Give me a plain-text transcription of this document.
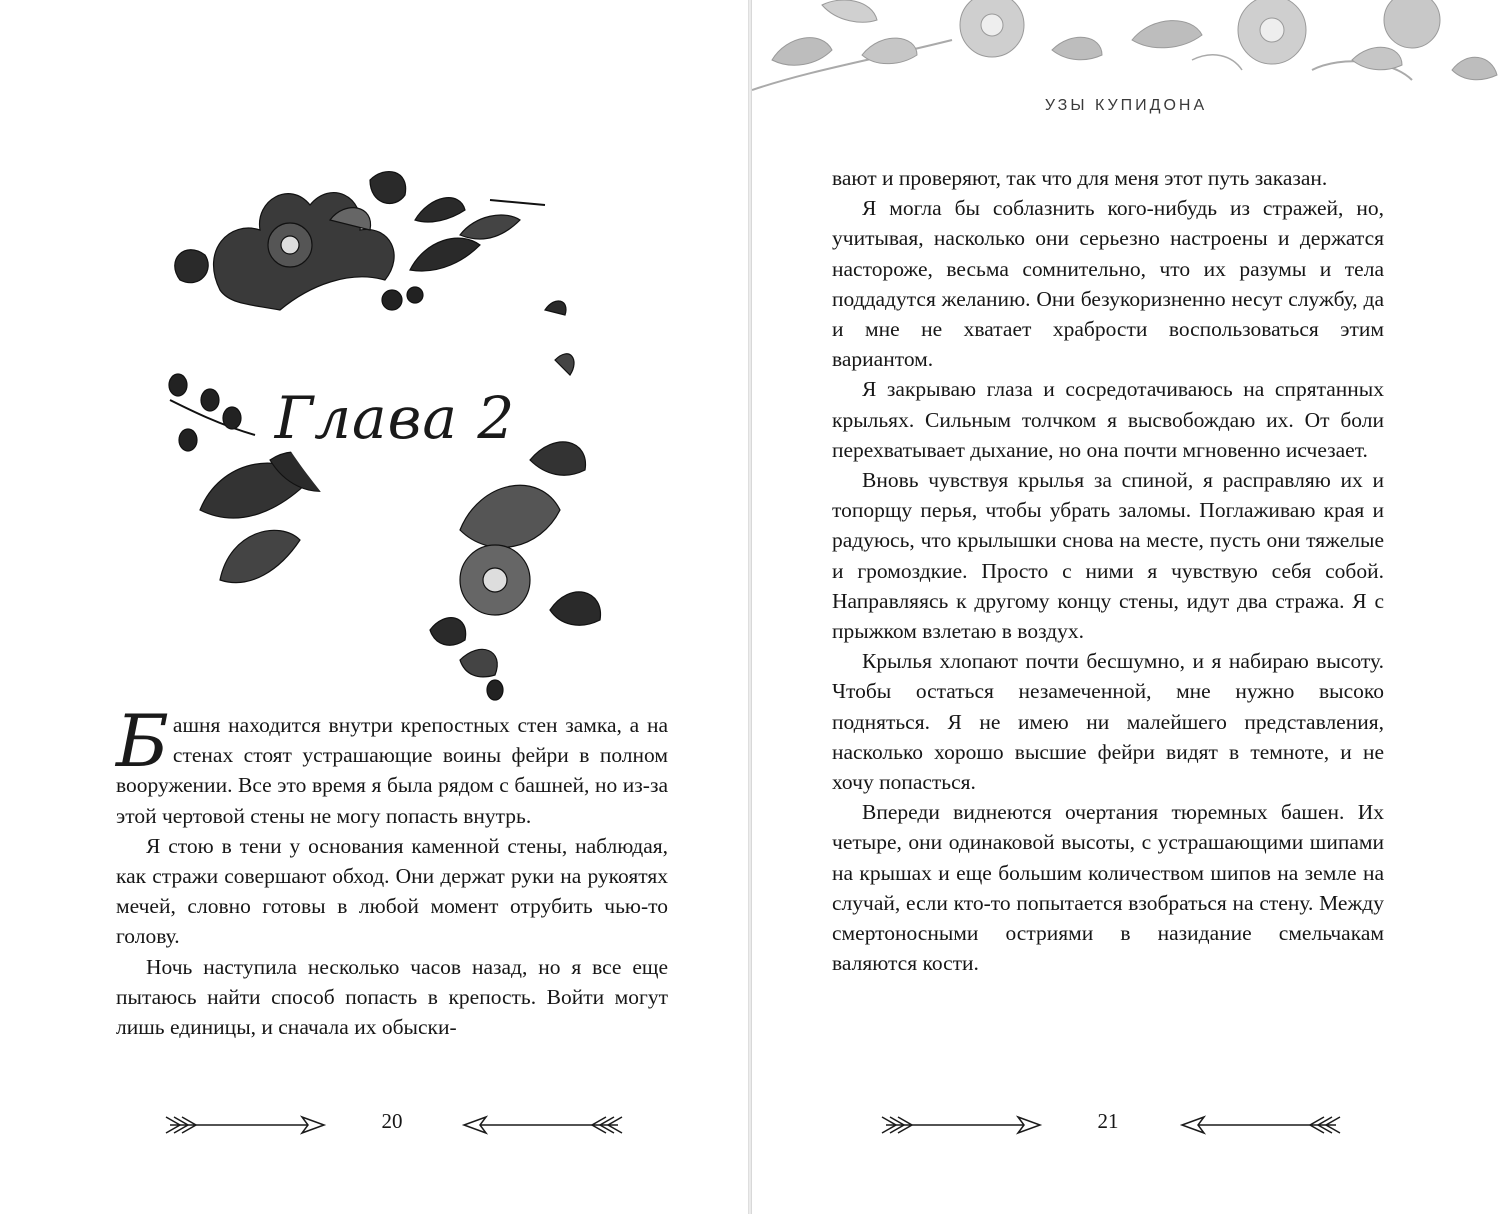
Глава 2

Башня находится внутри крепостных стен замка, а на стенах стоят устрашающие воины фейри в полном вооружении. Все это время я была рядом с башней, но из-за этой чертовой стены не могу попасть внутрь.

Я стою в тени у основания каменной стены, наблюдая, как стражи совершают обход. Они держат руки на рукоятях мечей, словно готовы в любой момент отрубить чью-то голову.

Ночь наступила несколько часов назад, но я все еще пытаюсь найти способ попасть в крепость. Войти могут лишь единицы, и сначала их обыски-

20
УЗЫ КУПИДОНА

вают и проверяют, так что для меня этот путь заказан.

Я могла бы соблазнить кого-нибудь из стражей, но, учитывая, насколько они серьезно настроены и держатся настороже, весьма сомнительно, что их разумы и тела поддадутся желанию. Они безукоризненно несут службу, да и мне не хватает храбрости воспользоваться этим вариантом.

Я закрываю глаза и сосредотачиваюсь на спрятанных крыльях. Сильным толчком я высвобождаю их. От боли перехватывает дыхание, но она почти мгновенно исчезает.

Вновь чувствуя крылья за спиной, я расправляю их и топорщу перья, чтобы убрать заломы. Поглаживаю края и радуюсь, что крылышки снова на месте, пусть они тяжелые и громоздкие. Просто с ними я чувствую себя собой. Направляясь к другому концу стены, идут два стража. Я с прыжком взлетаю в воздух.

Крылья хлопают почти бесшумно, и я набираю высоту. Чтобы остаться незамеченной, мне нужно высоко подняться. Я не имею ни малейшего представления, насколько хорошо высшие фейри видят в темноте, и не хочу попасться.

Впереди виднеются очертания тюремных башен. Их четыре, они одинаковой высоты, с устрашающими шипами на крышах и еще большим количеством шипов на земле на случай, если кто-то попытается взобраться на стену. Между смертоносными остриями в назидание смельчакам валяются кости.

21
